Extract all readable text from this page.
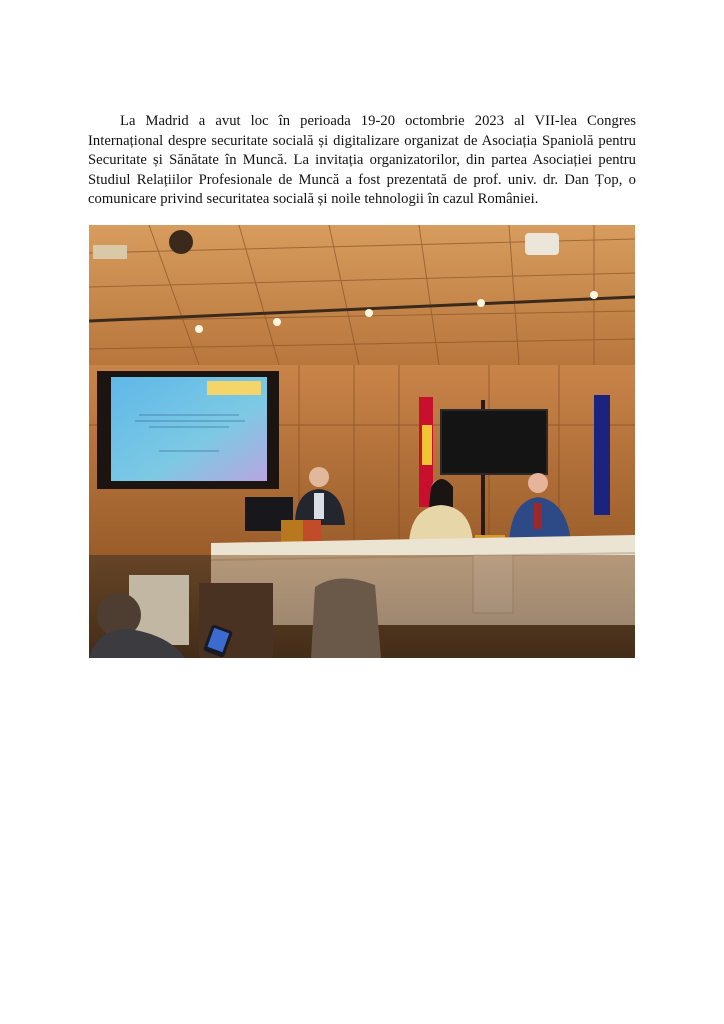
La Madrid a avut loc în perioada 19-20 octombrie 2023 al VII-lea Congres Internațional despre securitate socială și digitalizare organizat de Asociația Spaniolă pentru Securitate și Sănătate în Muncă. La invitația organizatorilor, din partea Asociației pentru Studiul Relațiilor Profesionale de Muncă a fost prezentată de prof. univ. dr. Dan Țop, o comunicare privind securitatea socială și noile tehnologii în cazul României.
